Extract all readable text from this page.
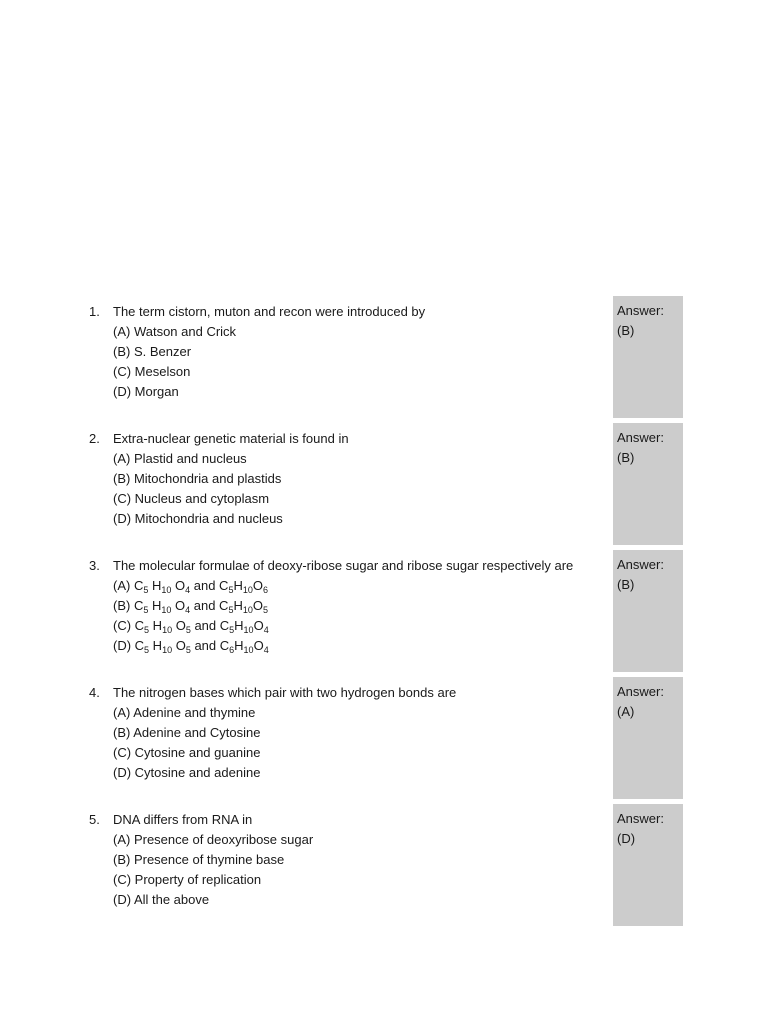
1. The term cistorn, muton and recon were introduced by
(A) Watson and Crick
(B) S. Benzer
(C) Meselson
(D) Morgan
Answer:
(B)
2. Extra-nuclear genetic material is found in
(A) Plastid and nucleus
(B) Mitochondria and plastids
(C) Nucleus and cytoplasm
(D) Mitochondria and nucleus
Answer:
(B)
3. The molecular formulae of deoxy-ribose sugar and ribose sugar respectively are
(A) $C_5$ $H_{10}$ $O_4$ and $C_5H_{10}O_6$
(B) $C_5$ $H_{10}$ $O_4$ and $C_5H_{10}O_5$
(C) $C_5$ $H_{10}$ $O_5$ and $C_5H_{10}O_4$
(D) $C_5$ $H_{10}$ $O_5$ and $C_6H_{10}O_4$
Answer:
(B)
4. The nitrogen bases which pair with two hydrogen bonds are
(A) Adenine and thymine
(B) Adenine and Cytosine
(C) Cytosine and guanine
(D) Cytosine and adenine
Answer:
(A)
5. DNA differs from RNA in
(A) Presence of deoxyribose sugar
(B) Presence of thymine base
(C) Property of replication
(D) All the above
Answer:
(D)
